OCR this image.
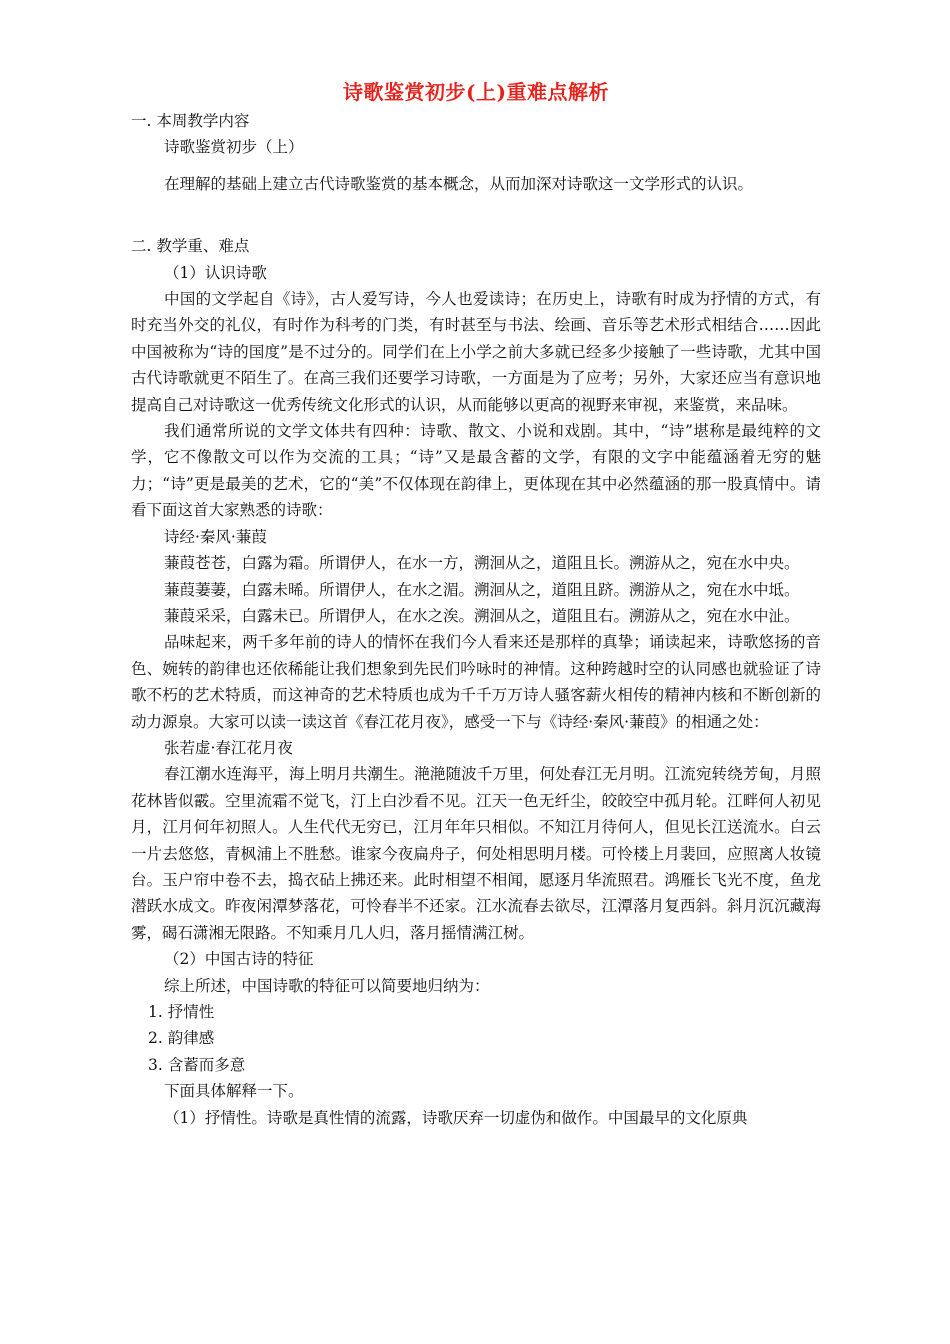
诗歌鉴赏初步(上)重难点解析

一. 本周教学内容

诗歌鉴赏初步（上）

在理解的基础上建立古代诗歌鉴赏的基本概念，从而加深对诗歌这一文学形式的认识。

二. 教学重、难点

（1）认识诗歌

中国的文学起自《诗》，古人爱写诗，今人也爱读诗；在历史上，诗歌有时成为抒情的方式，有时充当外交的礼仪，有时作为科考的门类，有时甚至与书法、绘画、音乐等艺术形式相结合……因此中国被称为“诗的国度”是不过分的。同学们在上小学之前大多就已经多少接触了一些诗歌，尤其中国古代诗歌就更不陌生了。在高三我们还要学习诗歌，一方面是为了应考；另外，大家还应当有意识地提高自己对诗歌这一优秀传统文化形式的认识，从而能够以更高的视野来审视，来鉴赏，来品味。

我们通常所说的文学文体共有四种：诗歌、散文、小说和戏剧。其中，“诗”堪称是最纯粹的文学，它不像散文可以作为交流的工具；“诗”又是最含蓄的文学，有限的文字中能蕴涵着无穷的魅力；“诗”更是最美的艺术，它的“美”不仅体现在韵律上，更体现在其中必然蕴涵的那一股真情中。请看下面这首大家熟悉的诗歌：

诗经·秦风·蒹葭

蒹葭苍苍，白露为霜。所谓伊人，在水一方，溯洄从之，道阻且长。溯游从之，宛在水中央。

蒹葭萋萋，白露未晞。所谓伊人，在水之湄。溯洄从之，道阻且跻。溯游从之，宛在水中坻。

蒹葭采采，白露未已。所谓伊人，在水之涘。溯洄从之，道阻且右。溯游从之，宛在水中沚。

品味起来，两千多年前的诗人的情怀在我们今人看来还是那样的真挚；诵读起来，诗歌悠扬的音色、婉转的韵律也还依稀能让我们想象到先民们吟咏时的神情。这种跨越时空的认同感也就验证了诗歌不朽的艺术特质，而这神奇的艺术特质也成为千千万万诗人骚客薪火相传的精神内核和不断创新的动力源泉。大家可以读一读这首《春江花月夜》，感受一下与《诗经·秦风·蒹葭》的相通之处：

张若虚·春江花月夜

春江潮水连海平，海上明月共潮生。滟滟随波千万里，何处春江无月明。江流宛转绕芳甸，月照花林皆似霰。空里流霜不觉飞，汀上白沙看不见。江天一色无纤尘，皎皎空中孤月轮。江畔何人初见月，江月何年初照人。人生代代无穷已，江月年年只相似。不知江月待何人，但见长江送流水。白云一片去悠悠，青枫浦上不胜愁。谁家今夜扁舟子，何处相思明月楼。可怜楼上月裴回，应照离人妆镜台。玉户帘中卷不去，捣衣砧上拂还来。此时相望不相闻，愿逐月华流照君。鸿雁长飞光不度，鱼龙潜跃水成文。昨夜闲潭梦落花，可怜春半不还家。江水流春去欲尽，江潭落月复西斜。斜月沉沉藏海雾，碣石潇湘无限路。不知乘月几人归，落月摇情满江树。

（2）中国古诗的特征

综上所述，中国诗歌的特征可以简要地归纳为：

1. 抒情性

2. 韵律感

3. 含蓄而多意

下面具体解释一下。

（1）抒情性。诗歌是真性情的流露，诗歌厌弃一切虚伪和做作。中国最早的文化原典
